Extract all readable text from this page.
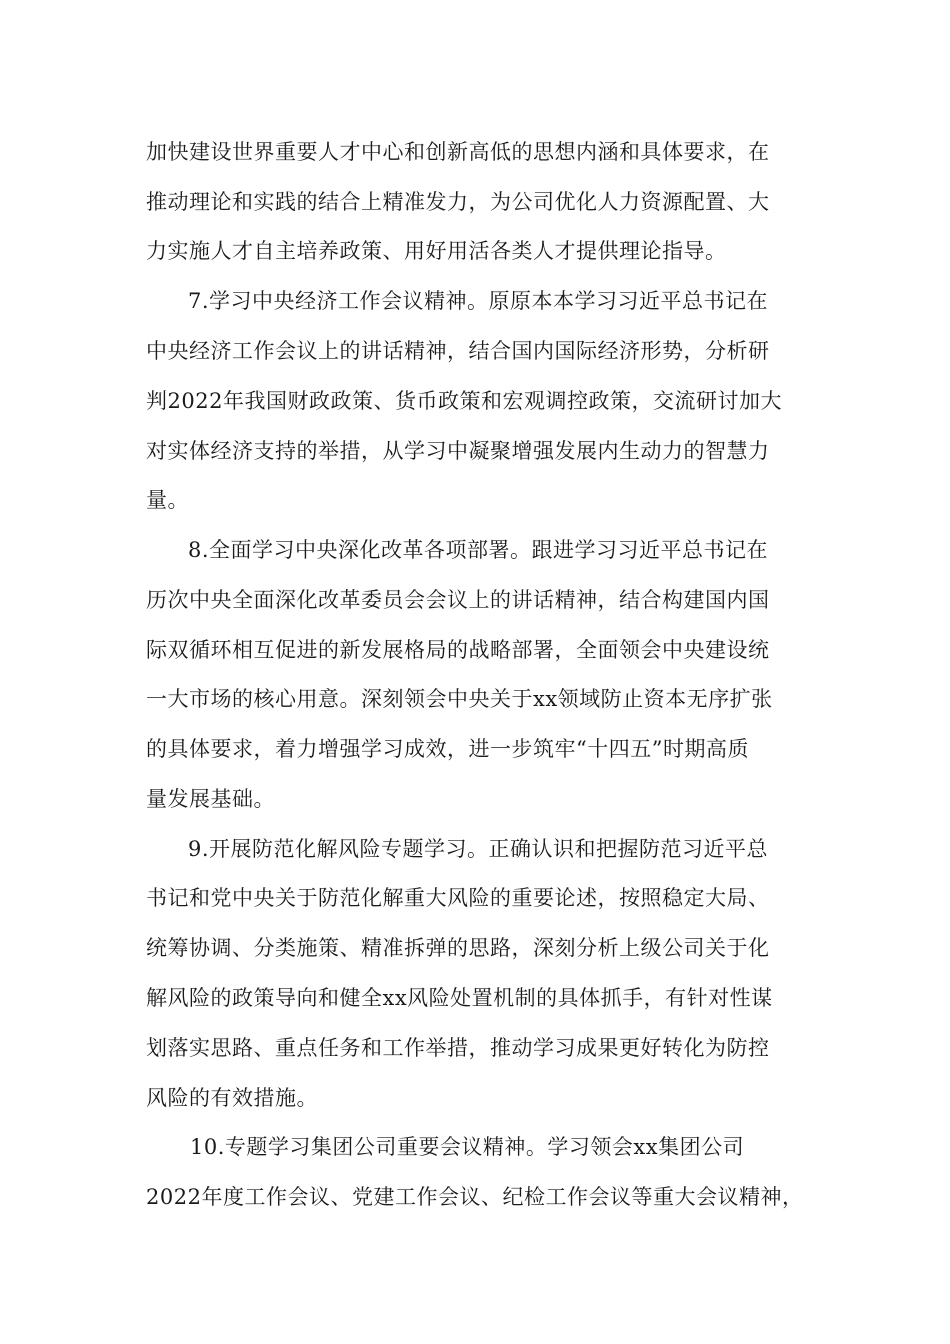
加快建设世界重要人才中心和创新高低的思想内涵和具体要求，在
推动理论和实践的结合上精准发力，为公司优化人力资源配置、大
力实施人才自主培养政策、用好用活各类人才提供理论指导。
7.学习中央经济工作会议精神。原原本本学习习近平总书记在
中央经济工作会议上的讲话精神，结合国内国际经济形势，分析研
判2022年我国财政政策、货币政策和宏观调控政策，交流研讨加大
对实体经济支持的举措，从学习中凝聚增强发展内生动力的智慧力
量。
8.全面学习中央深化改革各项部署。跟进学习习近平总书记在
历次中央全面深化改革委员会会议上的讲话精神，结合构建国内国
际双循环相互促进的新发展格局的战略部署，全面领会中央建设统
一大市场的核心用意。深刻领会中央关于xx领域防止资本无序扩张
的具体要求，着力增强学习成效，进一步筑牢“十四五”时期高质
量发展基础。
9.开展防范化解风险专题学习。正确认识和把握防范习近平总
书记和党中央关于防范化解重大风险的重要论述，按照稳定大局、
统筹协调、分类施策、精准拆弹的思路，深刻分析上级公司关于化
解风险的政策导向和健全xx风险处置机制的具体抓手，有针对性谋
划落实思路、重点任务和工作举措，推动学习成果更好转化为防控
风险的有效措施。
10.专题学习集团公司重要会议精神。学习领会xx集团公司
2022年度工作会议、党建工作会议、纪检工作会议等重大会议精神，
